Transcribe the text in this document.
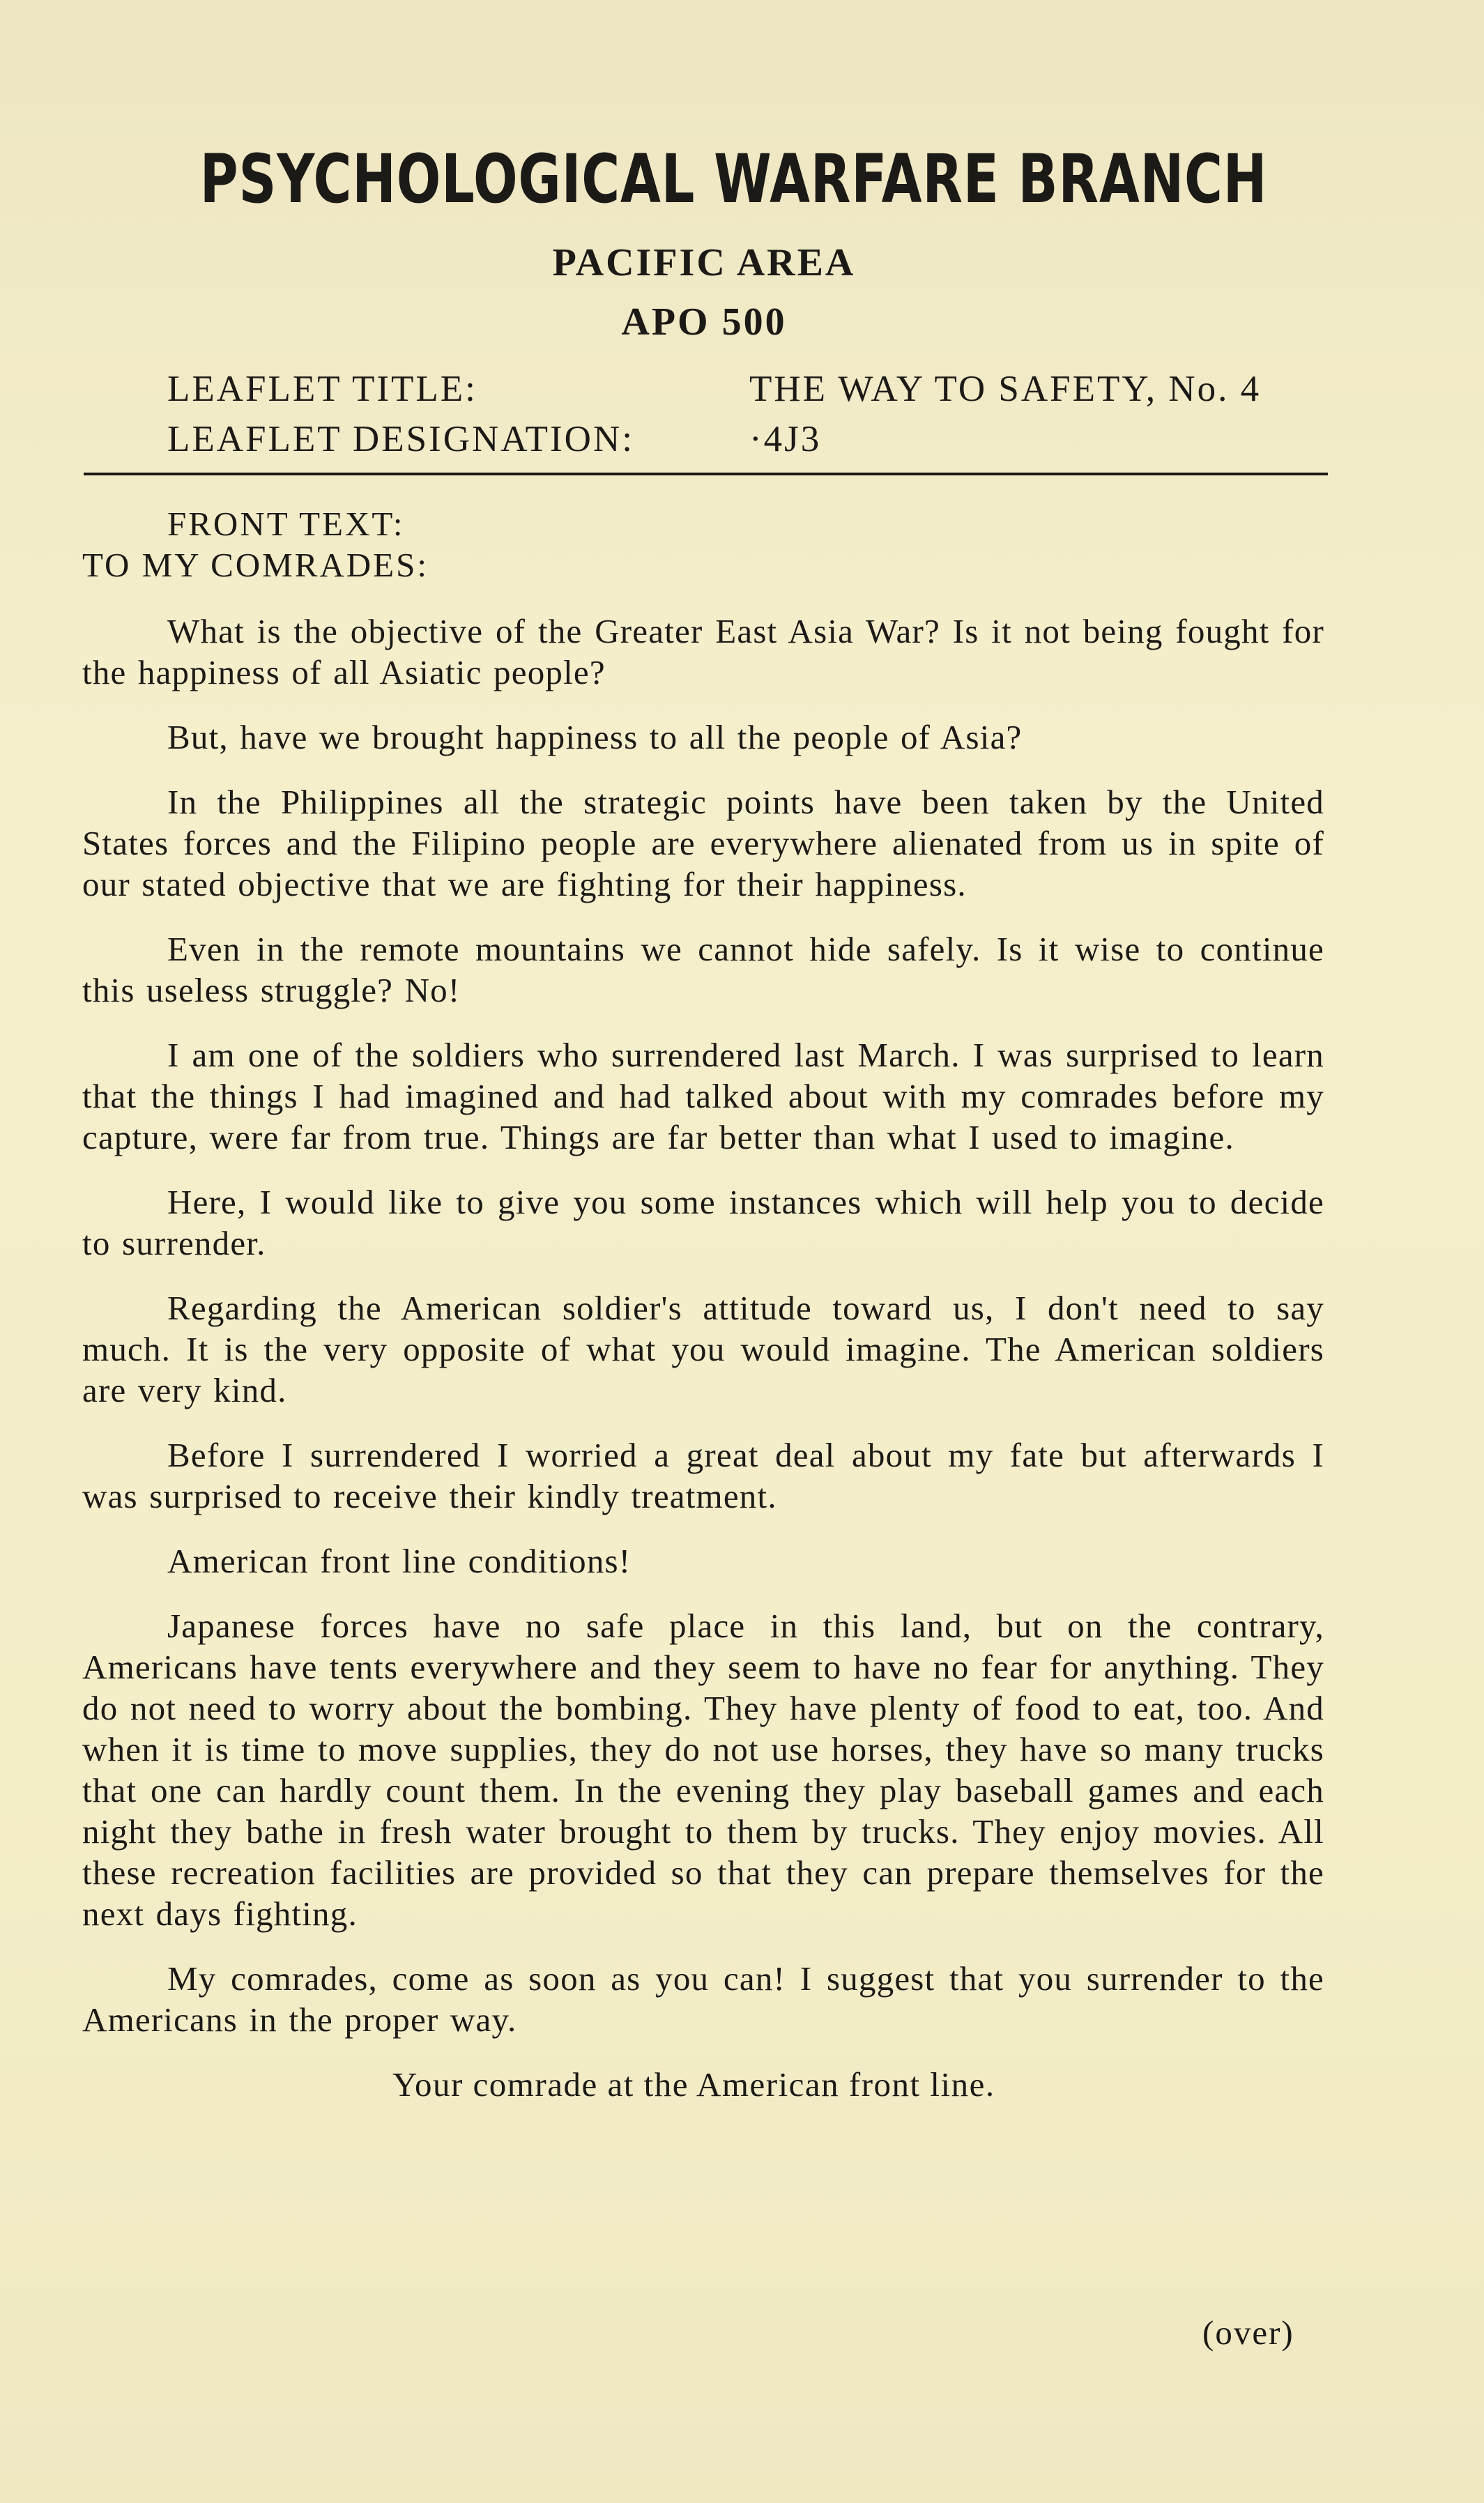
PSYCHOLOGICAL WARFARE BRANCH
PACIFIC AREA
APO 500
LEAFLET TITLE:	THE WAY TO SAFETY, No. 4
LEAFLET DESIGNATION:	·4J3

FRONT TEXT:

TO MY COMRADES:

What is the objective of the Greater East Asia War? Is it not being fought for the happiness of all Asiatic people?

But, have we brought happiness to all the people of Asia?

In the Philippines all the strategic points have been taken by the United States forces and the Filipino people are everywhere alienated from us in spite of our stated objective that we are fighting for their happiness.

Even in the remote mountains we cannot hide safely. Is it wise to continue this useless struggle? No!

I am one of the soldiers who surrendered last March. I was surprised to learn that the things I had imagined and had talked about with my comrades before my capture, were far from true. Things are far better than what I used to imagine.

Here, I would like to give you some instances which will help you to decide to surrender.

Regarding the American soldier's attitude toward us, I don't need to say much. It is the very opposite of what you would imagine. The American soldiers are very kind.

Before I surrendered I worried a great deal about my fate but afterwards I was surprised to receive their kindly treatment.

American front line conditions!

Japanese forces have no safe place in this land, but on the contrary, Americans have tents everywhere and they seem to have no fear for anything. They do not need to worry about the bombing. They have plenty of food to eat, too. And when it is time to move supplies, they do not use horses, they have so many trucks that one can hardly count them. In the evening they play baseball games and each night they bathe in fresh water brought to them by trucks. They enjoy movies. All these recreation facilities are provided so that they can prepare themselves for the next days fighting.

My comrades, come as soon as you can! I suggest that you surrender to the Americans in the proper way.

Your comrade at the American front line.

(over)
